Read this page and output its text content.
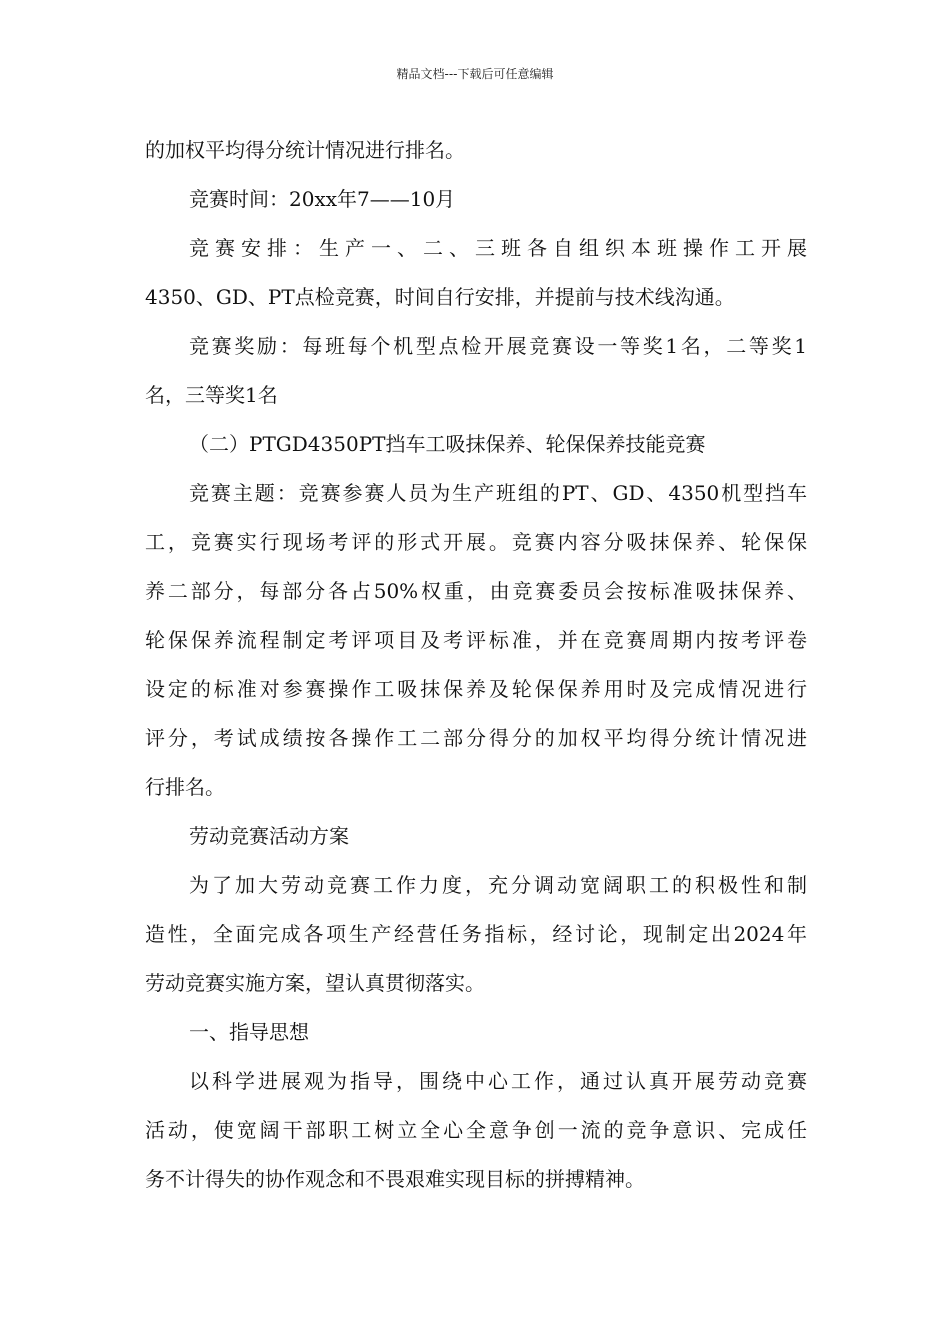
精品文档---下载后可任意编辑
的加权平均得分统计情况进行排名。
竞赛时间：20xx年7——10月
竞赛安排：生产一、二、三班各自组织本班操作工开展
4350、GD、PT点检竞赛，时间自行安排，并提前与技术线沟通。
竞赛奖励：每班每个机型点检开展竞赛设一等奖1名，二等奖1
名，三等奖1名
（二）PTGD4350PT挡车工吸抹保养、轮保保养技能竞赛
竞赛主题：竞赛参赛人员为生产班组的PT、GD、4350机型挡车
工，竞赛实行现场考评的形式开展。竞赛内容分吸抹保养、轮保保
养二部分，每部分各占50%权重，由竞赛委员会按标准吸抹保养、
轮保保养流程制定考评项目及考评标准，并在竞赛周期内按考评卷
设定的标准对参赛操作工吸抹保养及轮保保养用时及完成情况进行
评分，考试成绩按各操作工二部分得分的加权平均得分统计情况进
行排名。
劳动竞赛活动方案
为了加大劳动竞赛工作力度，充分调动宽阔职工的积极性和制
造性，全面完成各项生产经营任务指标，经讨论，现制定出2024年
劳动竞赛实施方案，望认真贯彻落实。
一、指导思想
以科学进展观为指导，围绕中心工作，通过认真开展劳动竞赛
活动，使宽阔干部职工树立全心全意争创一流的竞争意识、完成任
务不计得失的协作观念和不畏艰难实现目标的拼搏精神。
